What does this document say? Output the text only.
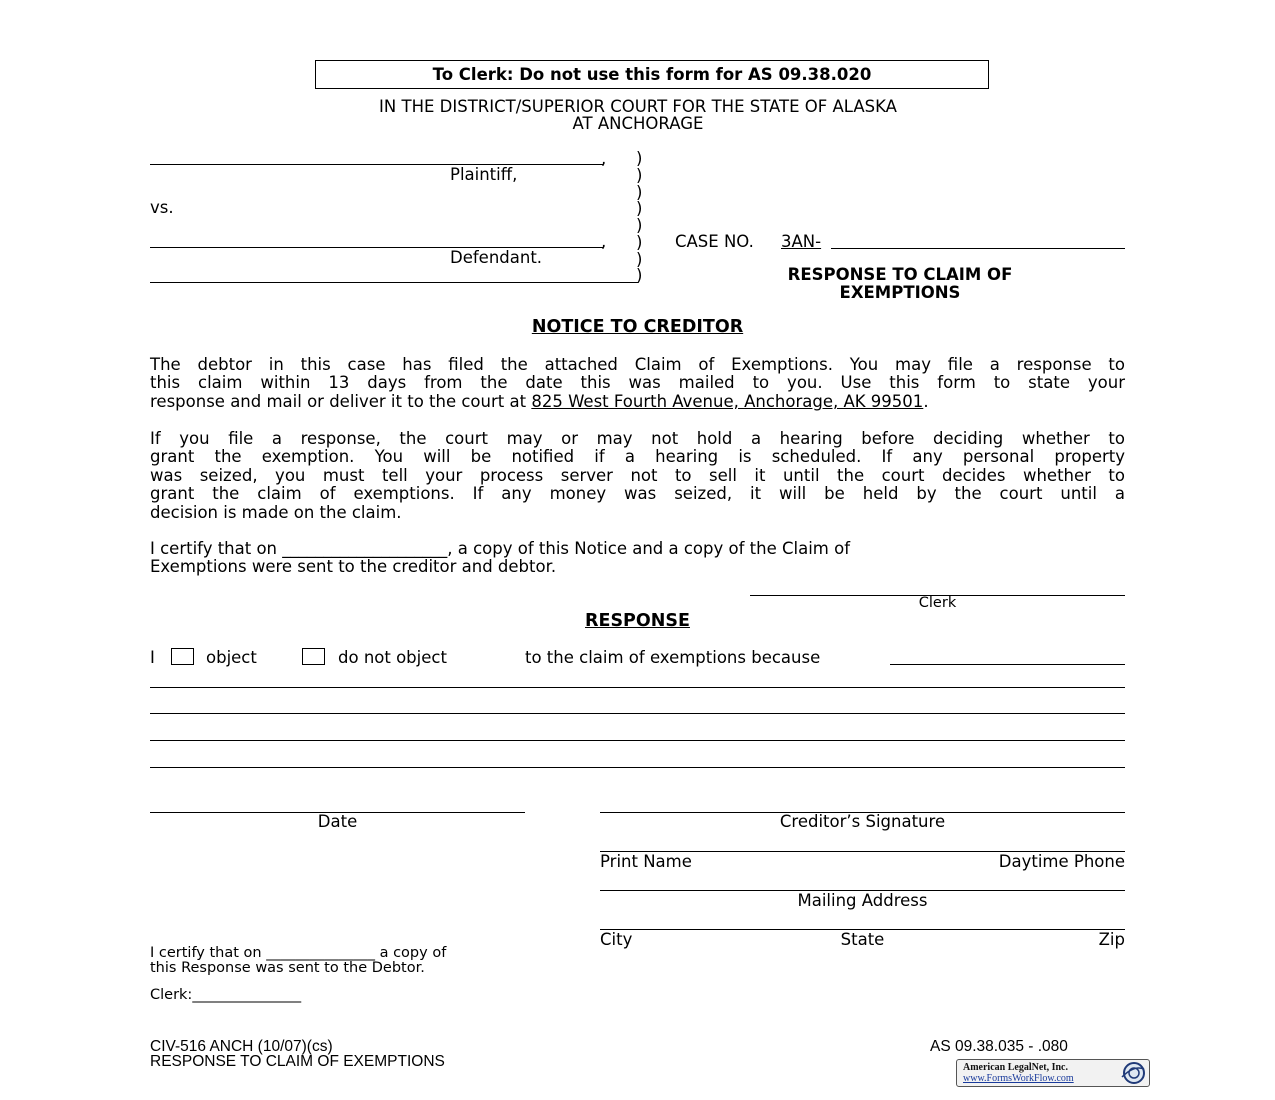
To Clerk: Do not use this form for AS 09.38.020
IN THE DISTRICT/SUPERIOR COURT FOR THE STATE OF ALASKA
AT ANCHORAGE
,
Plaintiff,
vs.
,
Defendant.
)
)
)
)
)
)
)
)
CASE NO. 3AN-
RESPONSE TO CLAIM OF
EXEMPTIONS
NOTICE TO CREDITOR
The debtor in this case has filed the attached Claim of Exemptions. You may file a response to
this claim within 13 days from the date this was mailed to you. Use this form to state your
response and mail or deliver it to the court at 825 West Fourth Avenue, Anchorage, AK 99501.
If you file a response, the court may or may not hold a hearing before deciding whether to
grant the exemption. You will be notified if a hearing is scheduled. If any personal property
was seized, you must tell your process server not to sell it until the court decides whether to
grant the claim of exemptions. If any money was seized, it will be held by the court until a
decision is made on the claim.
I certify that on ____________________, a copy of this Notice and a copy of the Claim of
Exemptions were sent to the creditor and debtor.
Clerk
RESPONSE
I	object	do not object	to the claim of exemptions because
Date	Creditor’s Signature
Print Name	Daytime Phone
Mailing Address
City	State	Zip
I certify that on _______________ a copy of
this Response was sent to the Debtor.
Clerk:_______________
CIV-516 ANCH (10/07)(cs)
RESPONSE TO CLAIM OF EXEMPTIONS
AS 09.38.035 - .080
American LegalNet, Inc.
www.FormsWorkFlow.com
